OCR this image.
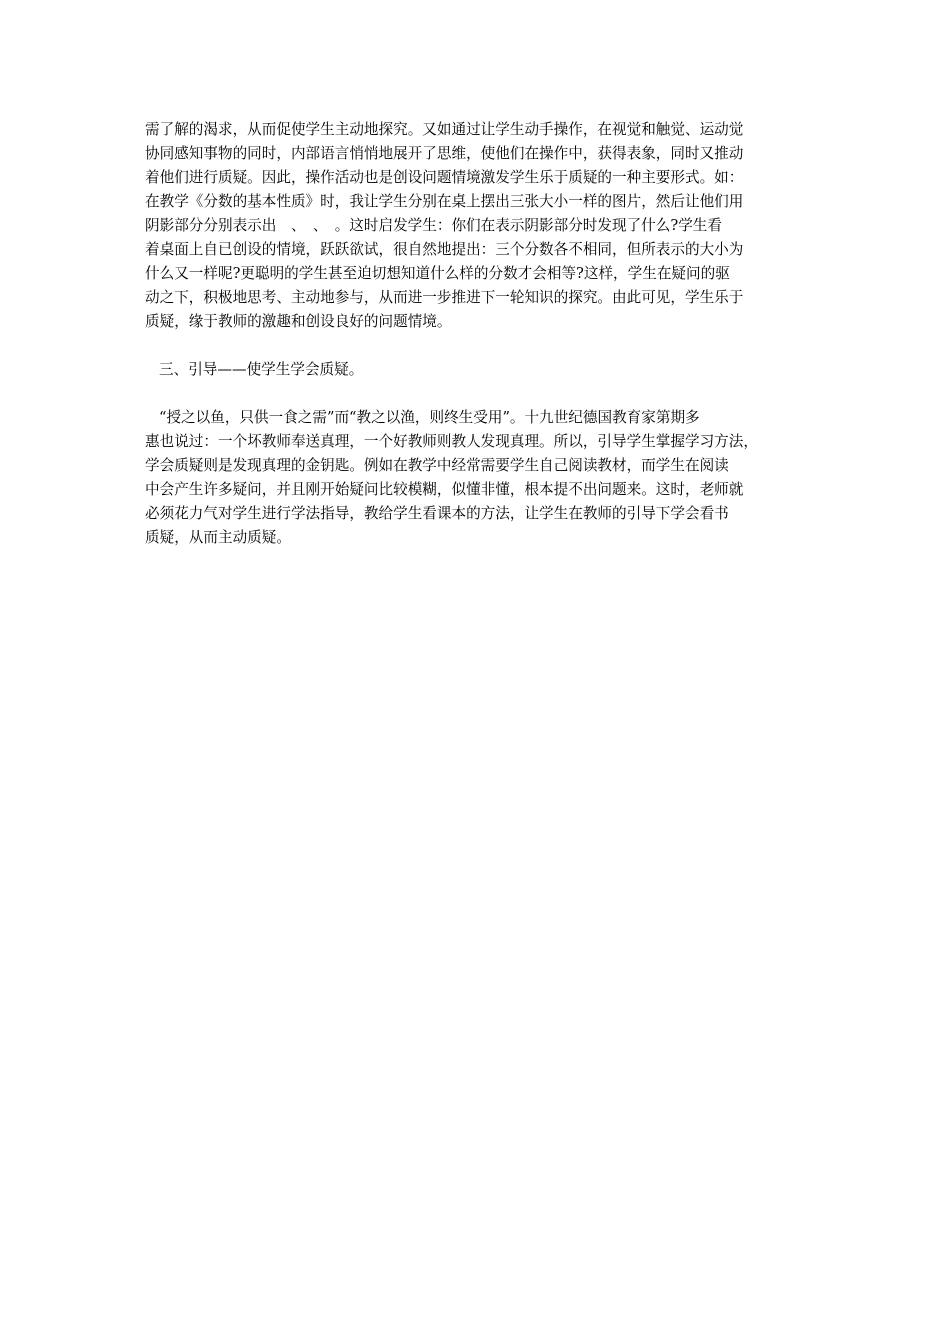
需了解的渴求，从而促使学生主动地探究。又如通过让学生动手操作，在视觉和触觉、运动觉
协同感知事物的同时，内部语言悄悄地展开了思维，使他们在操作中，获得表象，同时又推动
着他们进行质疑。因此，操作活动也是创设问题情境激发学生乐于质疑的一种主要形式。如：
在教学《分数的基本性质》时，我让学生分别在桌上摆出三张大小一样的图片，然后让他们用
阴影部分分别表示出　、　、　。这时启发学生：你们在表示阴影部分时发现了什么?学生看
着桌面上自已创设的情境，跃跃欲试，很自然地提出：三个分数各不相同，但所表示的大小为
什么又一样呢?更聪明的学生甚至迫切想知道什么样的分数才会相等?这样，学生在疑问的驱
动之下，积极地思考、主动地参与，从而进一步推进下一轮知识的探究。由此可见，学生乐于
质疑，缘于教师的激趣和创设良好的问题情境。
三、引导——使学生学会质疑。
“授之以鱼，只供一食之需”而“教之以渔，则终生受用”。十九世纪德国教育家第期多
惠也说过：一个坏教师奉送真理，一个好教师则教人发现真理。所以，引导学生掌握学习方法，
学会质疑则是发现真理的金钥匙。例如在教学中经常需要学生自己阅读教材，而学生在阅读
中会产生许多疑问，并且刚开始疑问比较模糊，似懂非懂，根本提不出问题来。这时，老师就
必须花力气对学生进行学法指导，教给学生看课本的方法，让学生在教师的引导下学会看书
质疑，从而主动质疑。
